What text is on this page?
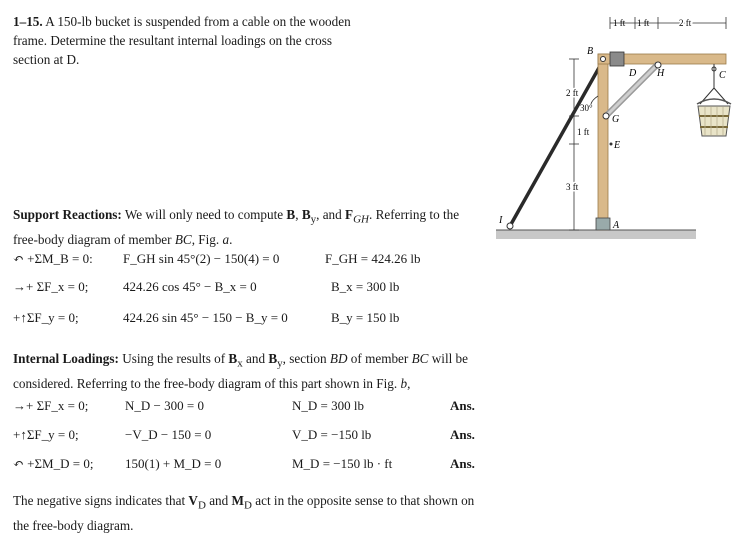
1–15. A 150-lb bucket is suspended from a cable on the wooden frame. Determine the resultant internal loadings on the cross section at D.
B
D H	C
G
E
A
I
1 ft 1 ft	2 ft
2 ft
1 ft
3 ft
30°
Support Reactions: We will only need to compute B, $B_y$, and $F_{GH}$. Referring to the free-body diagram of member BC, Fig. a.
↶ +ΣM_B = 0: F_GH sin 45°(2) − 150(4) = 0	F_GH = 424.26 lb
→+ ΣF_x = 0;	424.26 cos 45° − B_x = 0	B_x = 300 lb
+↑ΣF_y = 0;	424.26 sin 45° − 150 − B_y = 0	B_y = 150 lb
Internal Loadings: Using the results of $B_x$ and $B_y$, section BD of member BC will be considered. Referring to the free-body diagram of this part shown in Fig. b,
→+ ΣF_x = 0;	N_D − 300 = 0	N_D = 300 lb	Ans.
+↑ΣF_y = 0;	−V_D − 150 = 0	V_D = −150 lb	Ans.
↶ +ΣM_D = 0; 150(1) + M_D = 0	M_D = −150 lb · ft	Ans.
The negative signs indicates that $V_D$ and $M_D$ act in the opposite sense to that shown on the free-body diagram.
